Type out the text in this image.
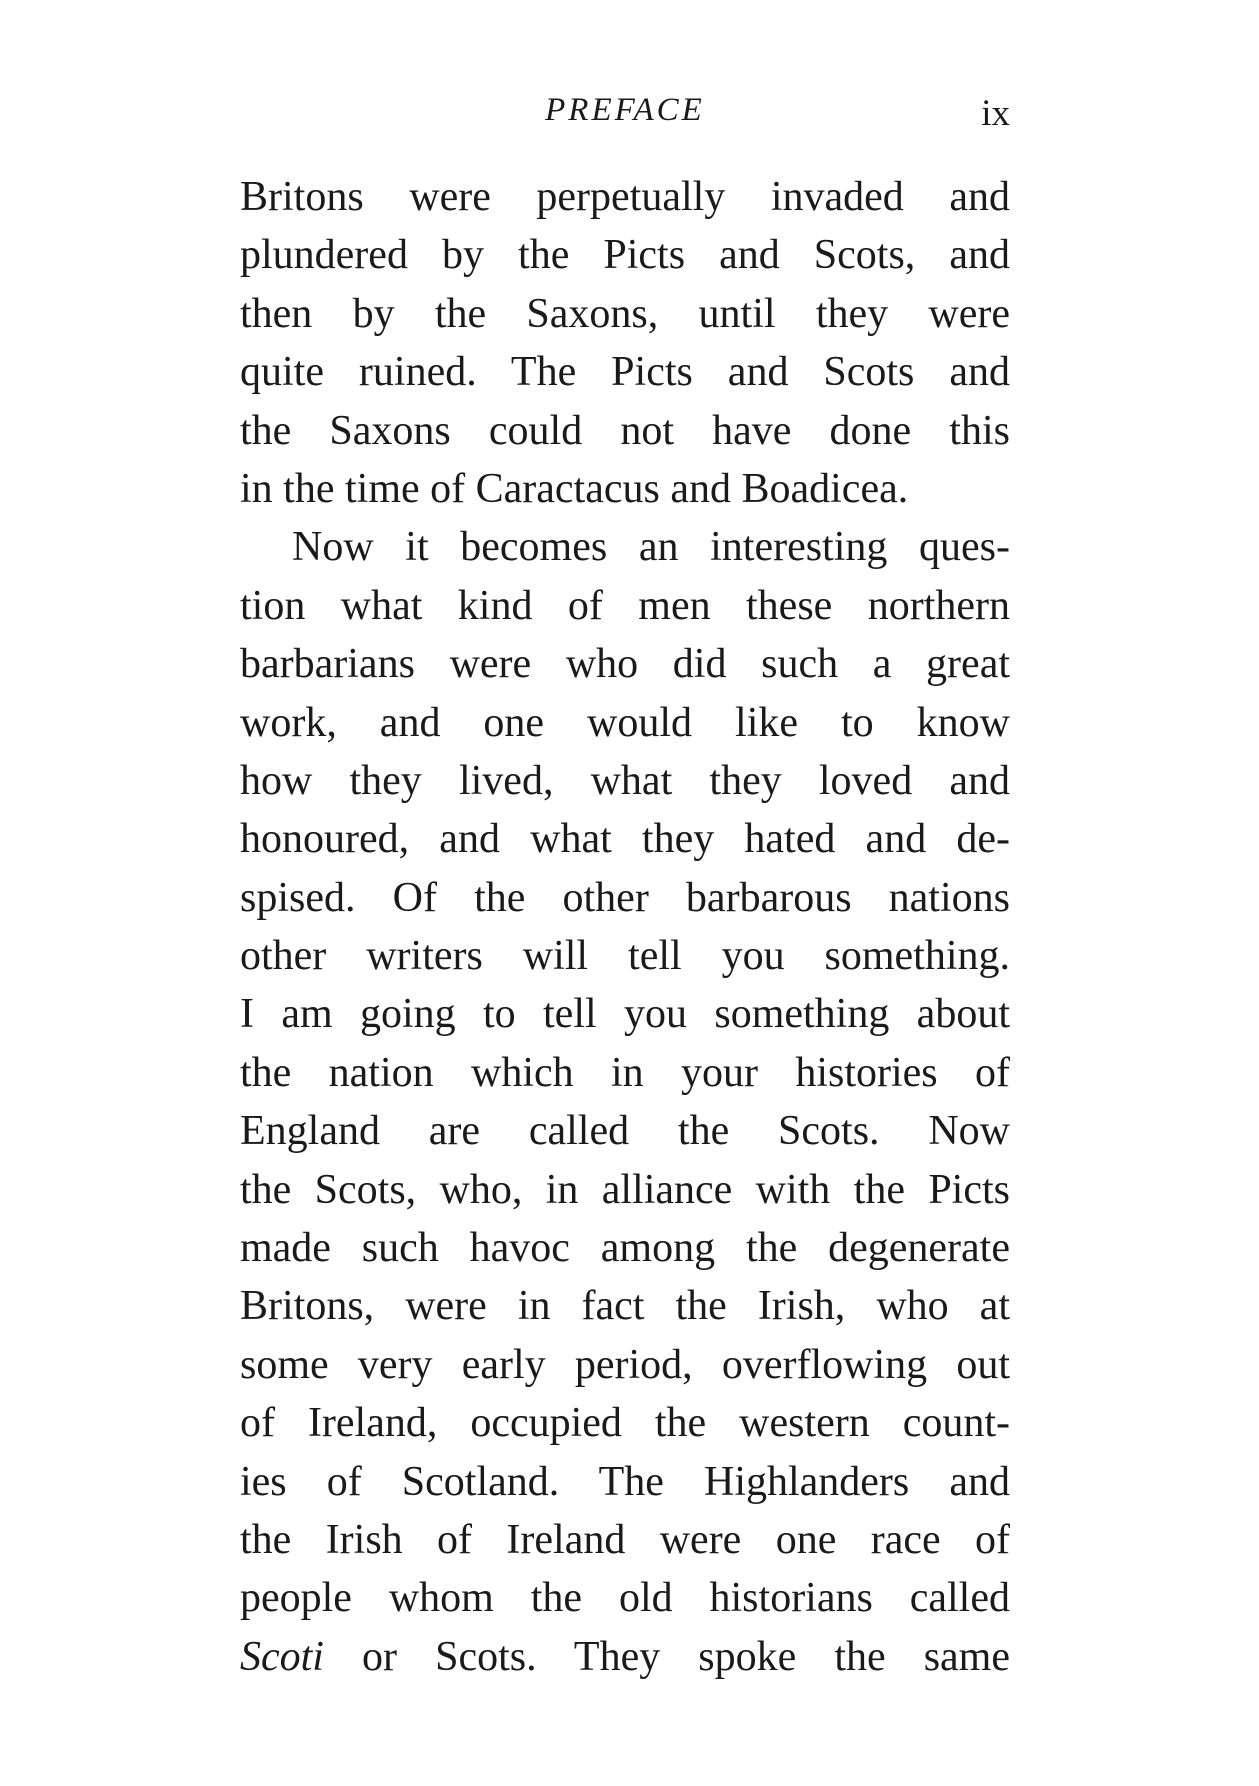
PREFACE	ix
Britons were perpetually invaded and
plundered by the Picts and Scots, and
then by the Saxons, until they were
quite ruined. The Picts and Scots and
the Saxons could not have done this
in the time of Caractacus and Boadicea.
Now it becomes an interesting ques-
tion what kind of men these northern
barbarians were who did such a great
work, and one would like to know
how they lived, what they loved and
honoured, and what they hated and de-
spised. Of the other barbarous nations
other writers will tell you something.
I am going to tell you something about
the nation which in your histories of
England are called the Scots. Now
the Scots, who, in alliance with the Picts
made such havoc among the degenerate
Britons, were in fact the Irish, who at
some very early period, overflowing out
of Ireland, occupied the western count-
ies of Scotland. The Highlanders and
the Irish of Ireland were one race of
people whom the old historians called
Scoti or Scots. They spoke the same
